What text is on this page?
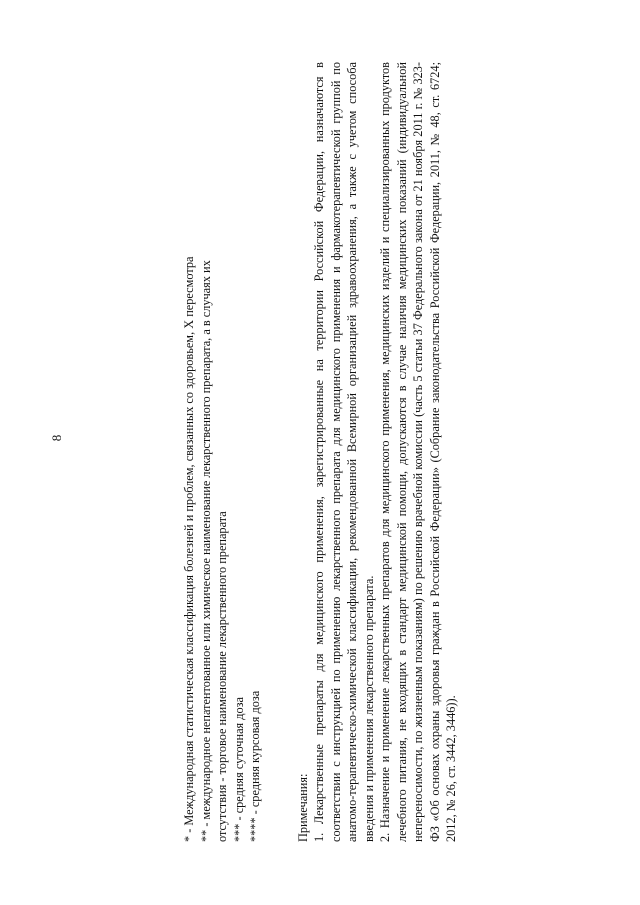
8	* - Международная статистическая классификация болезней и проблем, связанных со здоровьем, X пересмотра ** - международное непатентованное или химическое наименование лекарственного препарата, а в случаях их отсутствия - торговое наименование лекарственного препарата *** - средняя суточная доза **** - средняя курсовая доза	Примечания: 1. Лекарственные препараты для медицинского применения, зарегистрированные на территории Российской Федерации, назначаются в соответствии с инструкцией по применению лекарственного препарата для медицинского применения и фармакотерапевтической группой по анатомо-терапевтическо-химической классификации, рекомендованной Всемирной организацией здравоохранения, а также с учетом способа введения и применения лекарственного препарата. 2. Назначение и применение лекарственных препаратов для медицинского применения, медицинских изделий и специализированных продуктов лечебного питания, не входящих в стандарт медицинской помощи, допускаются в случае наличия медицинских показаний (индивидуальной непереносимости, по жизненным показаниям) по решению врачебной комиссии (часть 5 статьи 37 Федерального закона от 21 ноября 2011 г. № 323-ФЗ «Об основах охраны здоровья граждан в Российской Федерации» (Собрание законодательства Российской Федерации, 2011, № 48, ст. 6724; 2012, № 26, ст. 3442, 3446)).
